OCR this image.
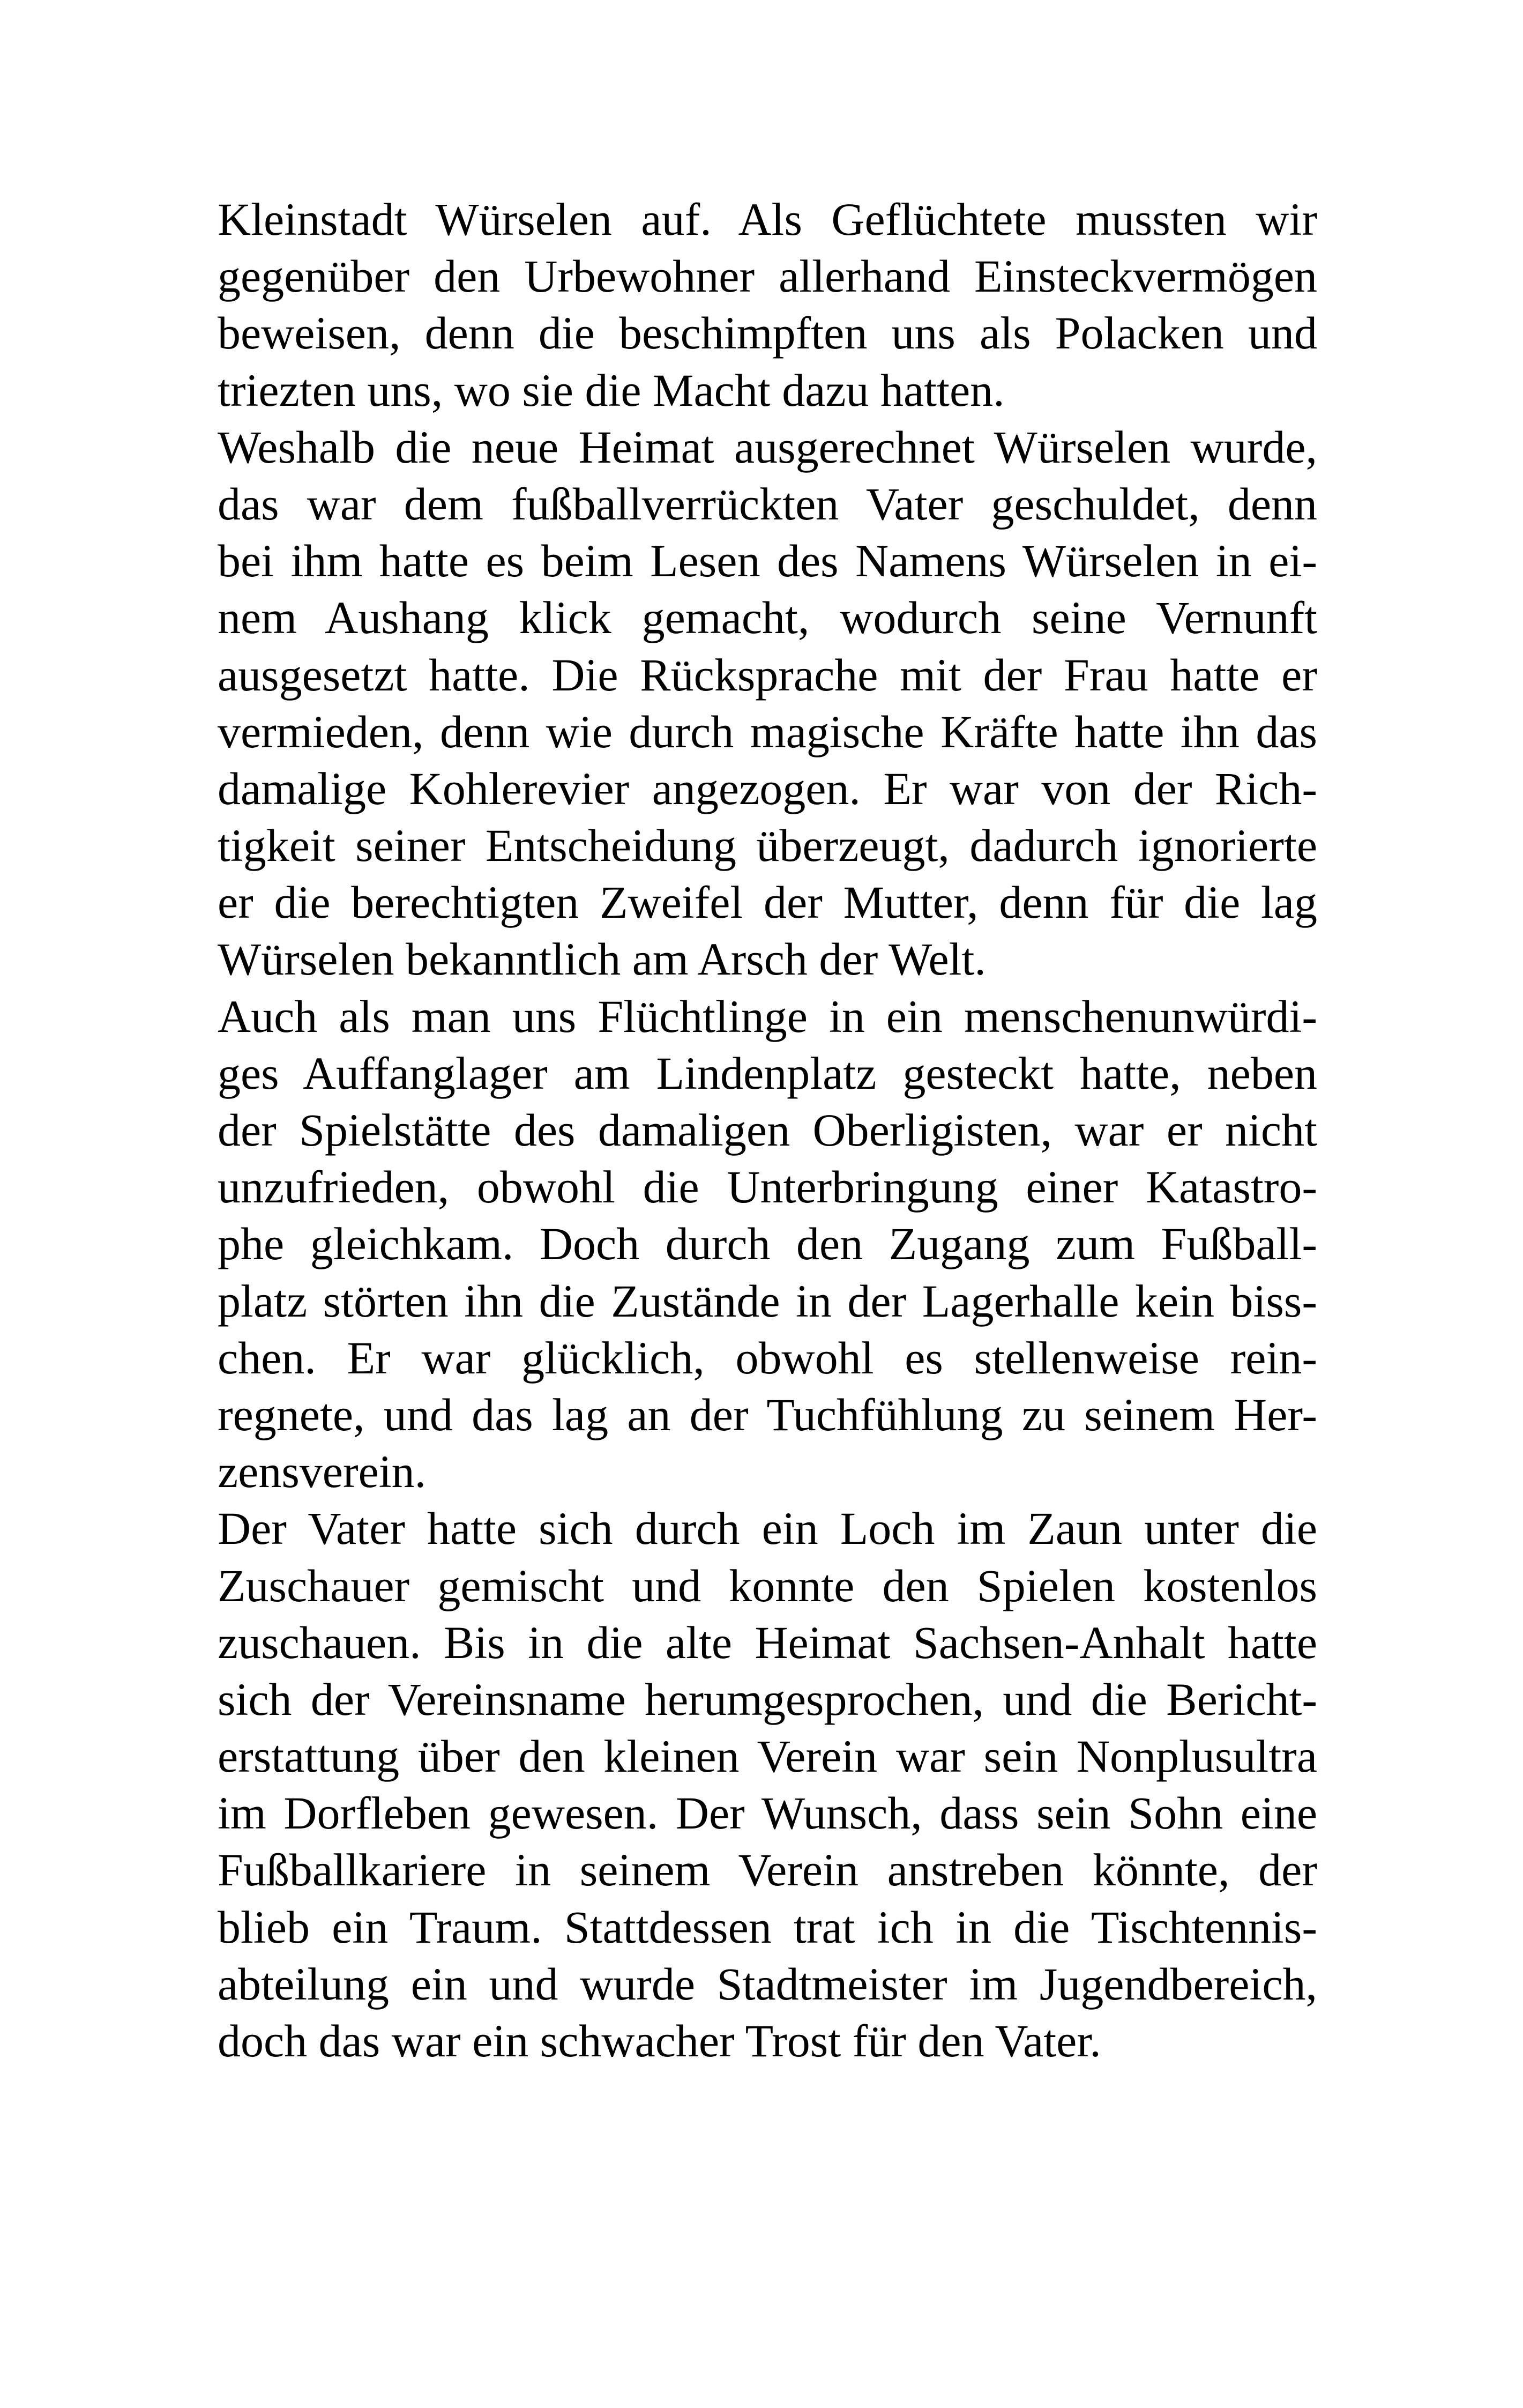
Kleinstadt Würselen auf. Als Geflüchtete mussten wir
gegenüber den Urbewohner allerhand Einsteckvermögen
beweisen, denn die beschimpften uns als Polacken und
triezten uns, wo sie die Macht dazu hatten.
Weshalb die neue Heimat ausgerechnet Würselen wurde,
das war dem fußballverrückten Vater geschuldet, denn
bei ihm hatte es beim Lesen des Namens Würselen in ei-
nem Aushang klick gemacht, wodurch seine Vernunft
ausgesetzt hatte. Die Rücksprache mit der Frau hatte er
vermieden, denn wie durch magische Kräfte hatte ihn das
damalige Kohlerevier angezogen. Er war von der Rich-
tigkeit seiner Entscheidung überzeugt, dadurch ignorierte
er die berechtigten Zweifel der Mutter, denn für die lag
Würselen bekanntlich am Arsch der Welt.
Auch als man uns Flüchtlinge in ein menschenunwürdi-
ges Auffanglager am Lindenplatz gesteckt hatte, neben
der Spielstätte des damaligen Oberligisten, war er nicht
unzufrieden, obwohl die Unterbringung einer Katastro-
phe gleichkam. Doch durch den Zugang zum Fußball-
platz störten ihn die Zustände in der Lagerhalle kein biss-
chen. Er war glücklich, obwohl es stellenweise rein-
regnete, und das lag an der Tuchfühlung zu seinem Her-
zensverein.
Der Vater hatte sich durch ein Loch im Zaun unter die
Zuschauer gemischt und konnte den Spielen kostenlos
zuschauen. Bis in die alte Heimat Sachsen-Anhalt hatte
sich der Vereinsname herumgesprochen, und die Bericht-
erstattung über den kleinen Verein war sein Nonplusultra
im Dorfleben gewesen. Der Wunsch, dass sein Sohn eine
Fußballkariere in seinem Verein anstreben könnte, der
blieb ein Traum. Stattdessen trat ich in die Tischtennis-
abteilung ein und wurde Stadtmeister im Jugendbereich,
doch das war ein schwacher Trost für den Vater.
